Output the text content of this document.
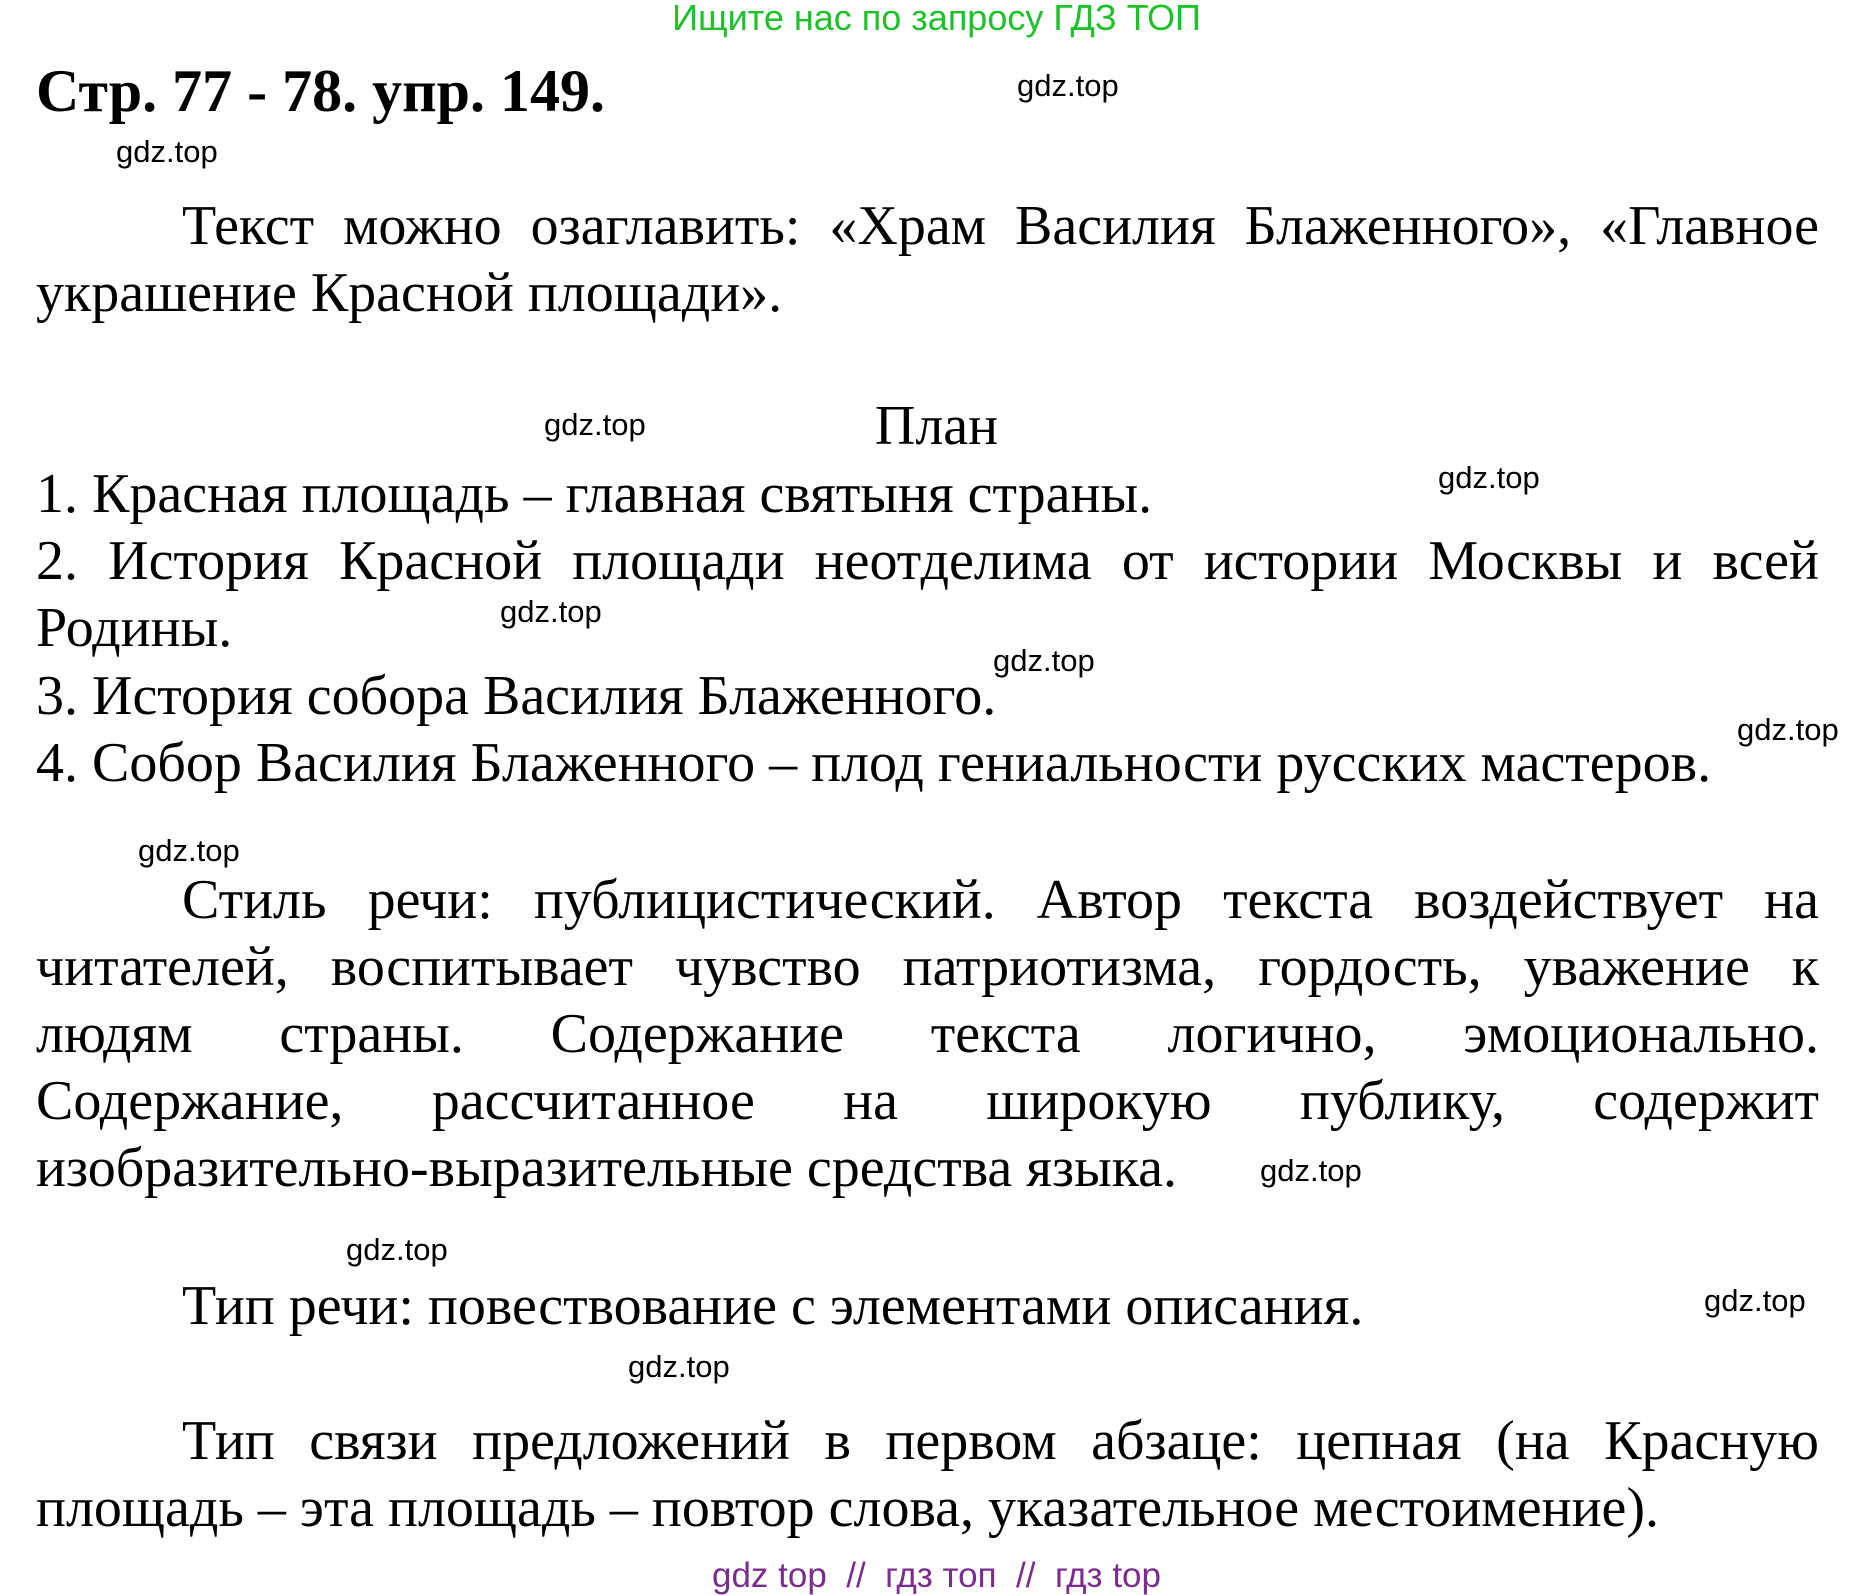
Ищите нас по запросу ГДЗ ТОП
Стр. 77 - 78. упр. 149.	gdz.top
gdz.top
gdz.top
gdz.top
gdz.top
gdz.top
gdz.top
gdz.top
gdz.top
gdz.top
gdz.top
gdz.top
Текст можно озаглавить: «Храм Василия Блаженного», «Главное
украшение Красной площади».
План
1. Красная площадь – главная святыня страны.
2. История Красной площади неотделима от истории Москвы и всей
Родины.
3. История собора Василия Блаженного.
4. Собор Василия Блаженного – плод гениальности русских мастеров.
Стиль речи: публицистический. Автор текста воздействует на
читателей, воспитывает чувство патриотизма, гордость, уважение к
людям страны. Содержание текста логично, эмоционально.
Содержание, рассчитанное на широкую публику, содержит
изобразительно-выразительные средства языка.
Тип речи: повествование с элементами описания.
Тип связи предложений в первом абзаце: цепная (на Красную
площадь – эта площадь – повтор слова, указательное местоимение).
gdz top  //  гдз топ  //  гдз top
